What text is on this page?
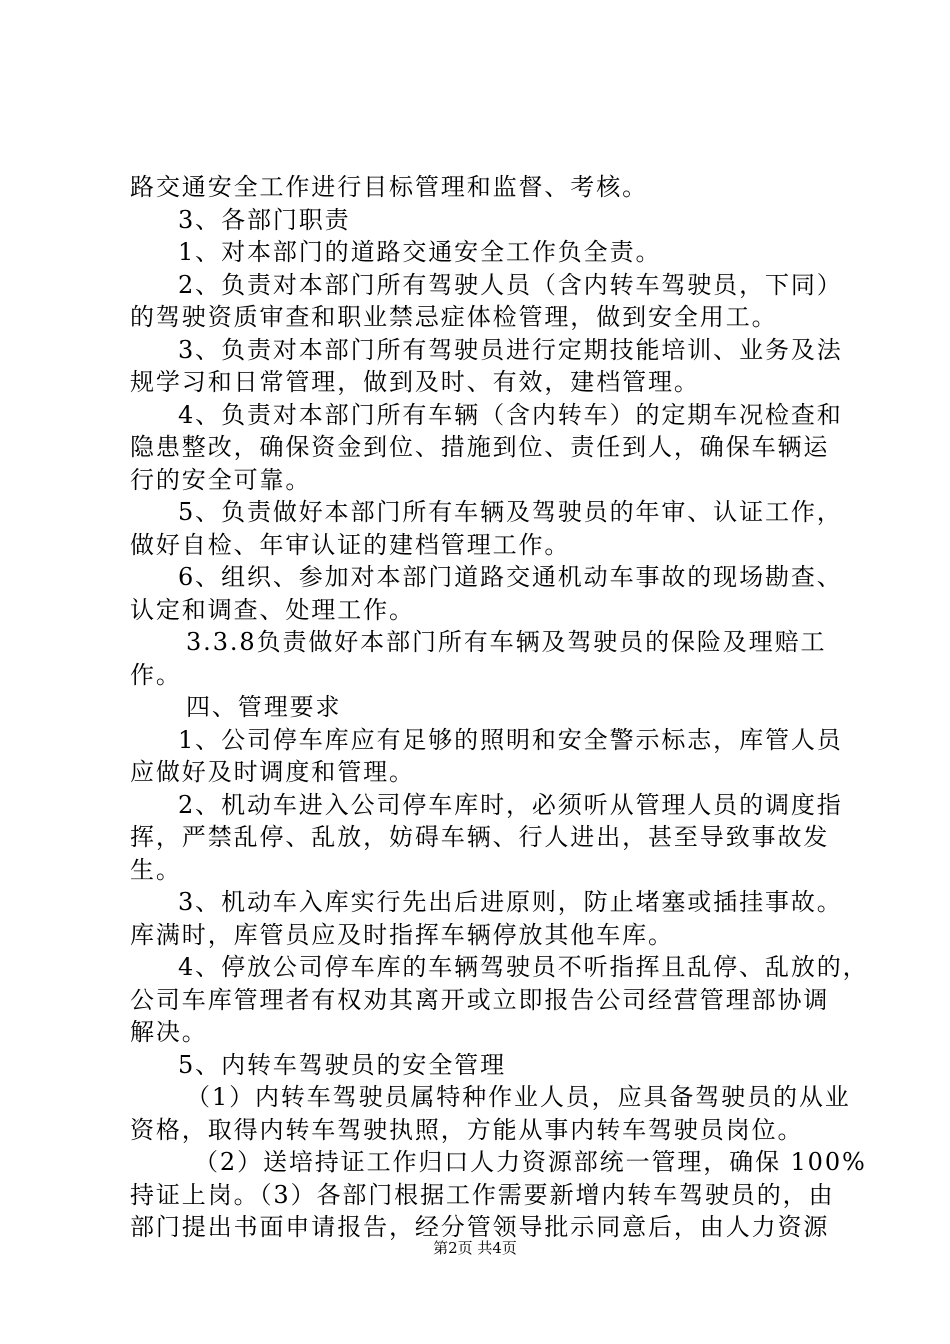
路交通安全工作进行目标管理和监督、考核。
3、各部门职责
1、对本部门的道路交通安全工作负全责。
2、负责对本部门所有驾驶人员（含内转车驾驶员，下同）
的驾驶资质审查和职业禁忌症体检管理，做到安全用工。
3、负责对本部门所有驾驶员进行定期技能培训、业务及法
规学习和日常管理，做到及时、有效，建档管理。
4、负责对本部门所有车辆（含内转车）的定期车况检查和
隐患整改，确保资金到位、措施到位、责任到人，确保车辆运
行的安全可靠。
5、负责做好本部门所有车辆及驾驶员的年审、认证工作，
做好自检、年审认证的建档管理工作。
6、组织、参加对本部门道路交通机动车事故的现场勘查、
认定和调查、处理工作。
3.3.8负责做好本部门所有车辆及驾驶员的保险及理赔工
作。
四、管理要求
1、公司停车库应有足够的照明和安全警示标志，库管人员
应做好及时调度和管理。
2、机动车进入公司停车库时，必须听从管理人员的调度指
挥，严禁乱停、乱放，妨碍车辆、行人进出，甚至导致事故发
生。
3、机动车入库实行先出后进原则，防止堵塞或插挂事故。
库满时，库管员应及时指挥车辆停放其他车库。
4、停放公司停车库的车辆驾驶员不听指挥且乱停、乱放的，
公司车库管理者有权劝其离开或立即报告公司经营管理部协调
解决。
5、内转车驾驶员的安全管理
（1）内转车驾驶员属特种作业人员，应具备驾驶员的从业
资格，取得内转车驾驶执照，方能从事内转车驾驶员岗位。
（2）送培持证工作归口人力资源部统一管理，确保 100%
持证上岗。（3）各部门根据工作需要新增内转车驾驶员的，由
部门提出书面申请报告，经分管领导批示同意后，由人力资源
第2页 共4页
